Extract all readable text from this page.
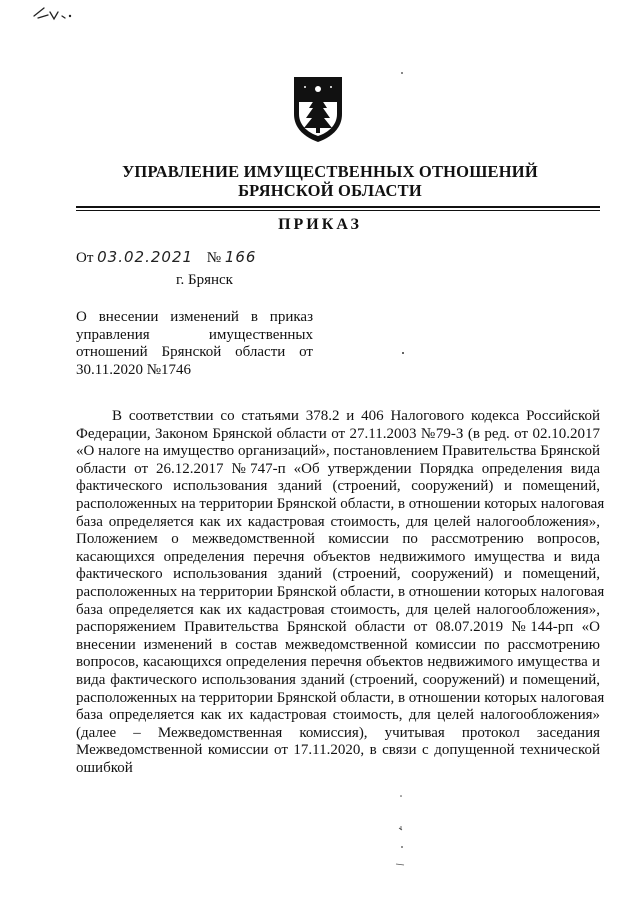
УПРАВЛЕНИЕ ИМУЩЕСТВЕННЫХ ОТНОШЕНИЙ
БРЯНСКОЙ ОБЛАСТИ
ПРИКАЗ
От 03.02.2021 № 166
г. Брянск
О внесении изменений в приказ
управления имущественных
отношений Брянской области от
30.11.2020 №1746
В соответствии со статьями 378.2 и 406 Налогового кодекса Российской
Федерации, Законом Брянской области от 27.11.2003 №79-З (в ред. от 02.10.2017
«О налоге на имущество организаций», постановлением Правительства Брянской
области от 26.12.2017 №747-п «Об утверждении Порядка определения вида
фактического использования зданий (строений, сооружений) и помещений,
расположенных на территории Брянской области, в отношении которых налоговая
база определяется как их кадастровая стоимость, для целей налогообложения»,
Положением о межведомственной комиссии по рассмотрению вопросов,
касающихся определения перечня объектов недвижимого имущества и вида
фактического использования зданий (строений, сооружений) и помещений,
расположенных на территории Брянской области, в отношении которых налоговая
база определяется как их кадастровая стоимость, для целей налогообложения»,
распоряжением Правительства Брянской области от 08.07.2019 №144-рп «О
внесении изменений в состав межведомственной комиссии по рассмотрению
вопросов, касающихся определения перечня объектов недвижимого имущества и
вида фактического использования зданий (строений, сооружений) и помещений,
расположенных на территории Брянской области, в отношении которых налоговая
база определяется как их кадастровая стоимость, для целей налогообложения»
(далее – Межведомственная комиссия), учитывая протокол заседания
Межведомственной комиссии от 17.11.2020, в связи с допущенной технической
ошибкой
